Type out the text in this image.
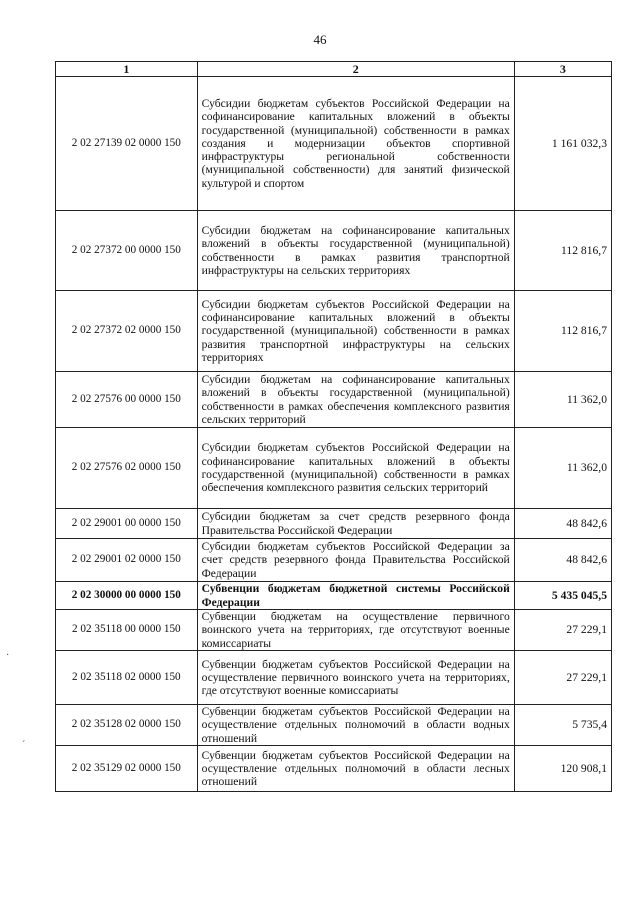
46
1	2	3
2 02 27139 02 0000 150	Субсидии бюджетам субъектов Российской Федерации на софинансирование капитальных вложений в объекты государственной (муниципальной) собственности в рамках создания и модернизации объектов спортивной инфраструктуры региональной собственности (муниципальной собственности) для занятий физической культурой и спортом	1 161 032,3
2 02 27372 00 0000 150	Субсидии бюджетам на софинансирование капитальных вложений в объекты государственной (муниципальной) собственности в рамках развития транспортной инфраструктуры на сельских территориях	112 816,7
2 02 27372 02 0000 150	Субсидии бюджетам субъектов Российской Федерации на софинансирование капитальных вложений в объекты государственной (муниципальной) собственности в рамках развития транспортной инфраструктуры на сельских территориях	112 816,7
2 02 27576 00 0000 150	Субсидии бюджетам на софинансирование капитальных вложений в объекты государственной (муниципальной) собственности в рамках обеспечения комплексного развития сельских территорий	11 362,0
2 02 27576 02 0000 150	Субсидии бюджетам субъектов Российской Федерации на софинансирование капитальных вложений в объекты государственной (муниципальной) собственности в рамках обеспечения комплексного развития сельских территорий	11 362,0
2 02 29001 00 0000 150	Субсидии бюджетам за счет средств резервного фонда Правительства Российской Федерации	48 842,6
2 02 29001 02 0000 150	Субсидии бюджетам субъектов Российской Федерации за счет средств резервного фонда Правительства Российской Федерации	48 842,6
2 02 30000 00 0000 150	Субвенции бюджетам бюджетной системы Российской Федерации	5 435 045,5
2 02 35118 00 0000 150	Субвенции бюджетам на осуществление первичного воинского учета на территориях, где отсутствуют военные комиссариаты	27 229,1
2 02 35118 02 0000 150	Субвенции бюджетам субъектов Российской Федерации на осуществление первичного воинского учета на территориях, где отсутствуют военные комиссариаты	27 229,1
2 02 35128 02 0000 150	Субвенции бюджетам субъектов Российской Федерации на осуществление отдельных полномочий в области водных отношений	5 735,4
2 02 35129 02 0000 150	Субвенции бюджетам субъектов Российской Федерации на осуществление отдельных полномочий в области лесных отношений	120 908,1
·
´
